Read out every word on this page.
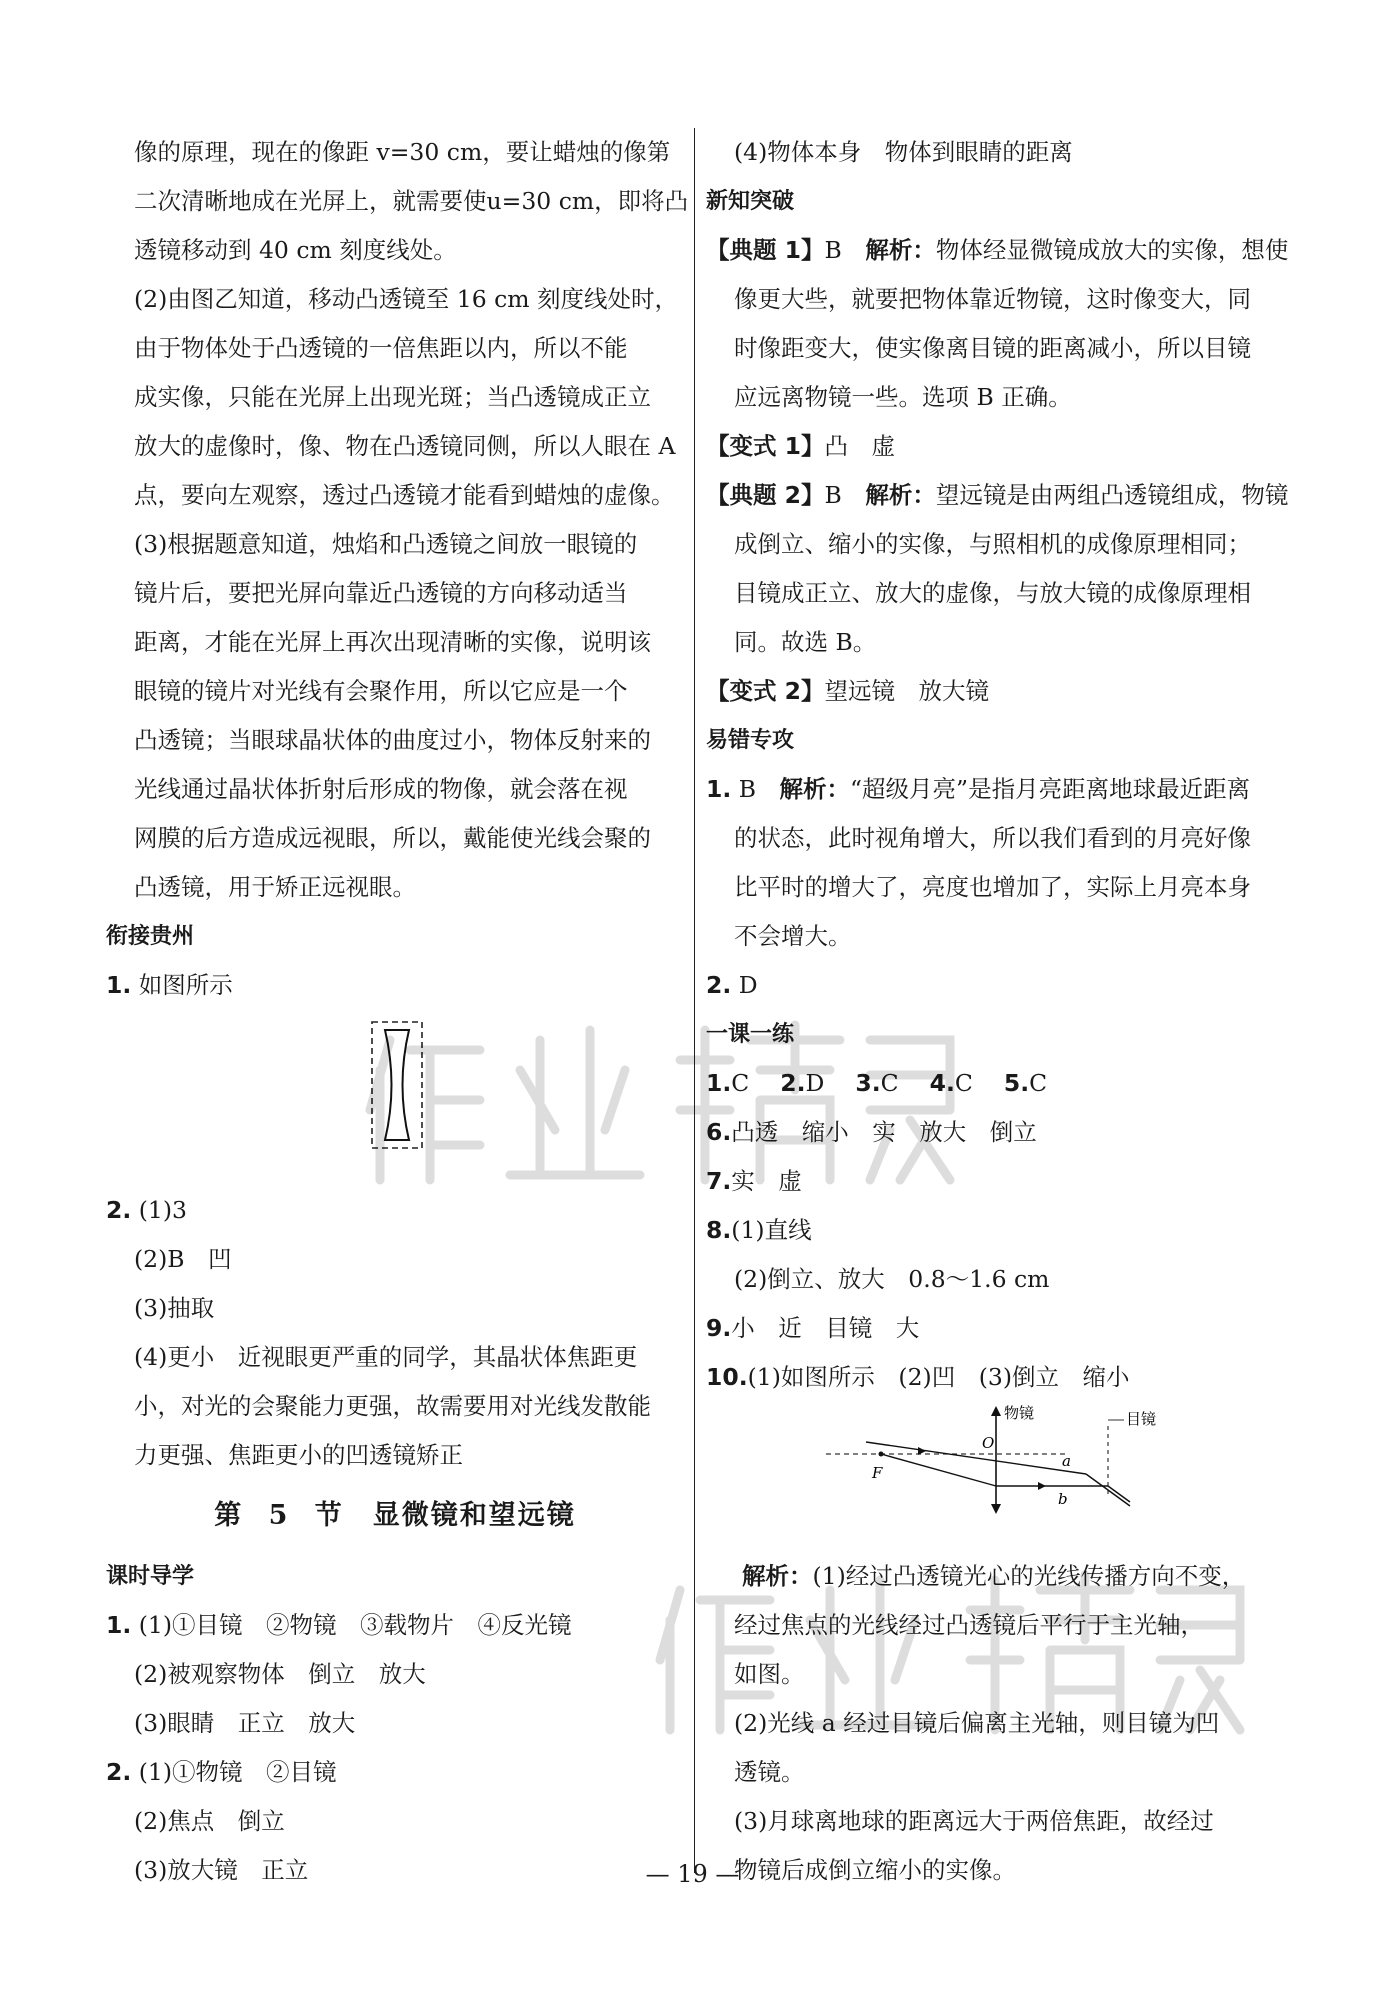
像的原理，现在的像距 v=30 cm，要让蜡烛的像第
二次清晰地成在光屏上，就需要使u=30 cm，即将凸
透镜移动到 40 cm 刻度线处。
(2)由图乙知道，移动凸透镜至 16 cm 刻度线处时，
由于物体处于凸透镜的一倍焦距以内，所以不能
成实像，只能在光屏上出现光斑；当凸透镜成正立
放大的虚像时，像、物在凸透镜同侧，所以人眼在 A
点，要向左观察，透过凸透镜才能看到蜡烛的虚像。
(3)根据题意知道，烛焰和凸透镜之间放一眼镜的
镜片后，要把光屏向靠近凸透镜的方向移动适当
距离，才能在光屏上再次出现清晰的实像，说明该
眼镜的镜片对光线有会聚作用，所以它应是一个
凸透镜；当眼球晶状体的曲度过小，物体反射来的
光线通过晶状体折射后形成的物像，就会落在视
网膜的后方造成远视眼，所以，戴能使光线会聚的
凸透镜，用于矫正远视眼。
衔接贵州
1. 如图所示
2. (1)3
(2)B　凹
(3)抽取
(4)更小　近视眼更严重的同学，其晶状体焦距更
小，对光的会聚能力更强，故需要用对光线发散能
力更强、焦距更小的凹透镜矫正
第 5 节　显微镜和望远镜
课时导学
1. (1)①目镜　②物镜　③载物片　④反光镜
(2)被观察物体　倒立　放大
(3)眼睛　正立　放大
2. (1)①物镜　②目镜
(2)焦点　倒立
(3)放大镜　正立
(4)物体本身　物体到眼睛的距离
新知突破
【典题 1】B　解析：物体经显微镜成放大的实像，想使
像更大些，就要把物体靠近物镜，这时像变大，同
时像距变大，使实像离目镜的距离减小，所以目镜
应远离物镜一些。选项 B 正确。
【变式 1】凸　虚
【典题 2】B　解析：望远镜是由两组凸透镜组成，物镜
成倒立、缩小的实像，与照相机的成像原理相同；
目镜成正立、放大的虚像，与放大镜的成像原理相
同。故选 B。
【变式 2】望远镜　放大镜
易错专攻
1. B　解析：“超级月亮”是指月亮距离地球最近距离
的状态，此时视角增大，所以我们看到的月亮好像
比平时的增大了，亮度也增加了，实际上月亮本身
不会增大。
2. D
一课一练
1.C　 2.D　 3.C　 4.C　 5.C
6.凸透　缩小　实　放大　倒立
7.实　虚
8.(1)直线
(2)倒立、放大　0.8～1.6 cm
9.小　近　目镜　大
10.(1)如图所示　(2)凹　(3)倒立　缩小
物镜	目镜
O
F
a
b
解析：(1)经过凸透镜光心的光线传播方向不变，
经过焦点的光线经过凸透镜后平行于主光轴，
如图。
(2)光线 a 经过目镜后偏离主光轴，则目镜为凹
透镜。
(3)月球离地球的距离远大于两倍焦距，故经过
物镜后成倒立缩小的实像。
— 19 —
